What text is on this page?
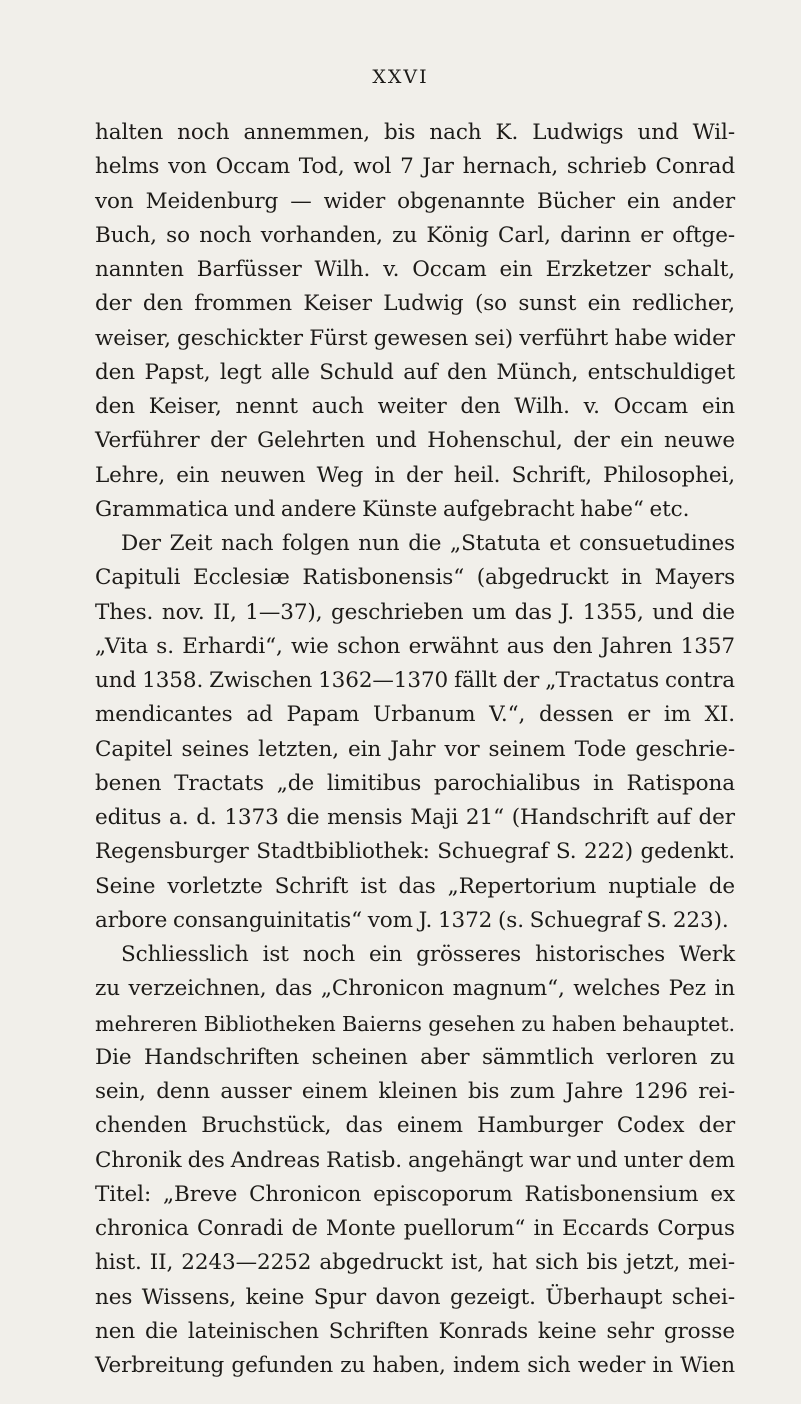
XXVI
halten noch annemmen, bis nach K. Ludwigs und Wil-
helms von Occam Tod, wol 7 Jar hernach, schrieb Conrad
von Meidenburg — wider obgenannte Bücher ein ander
Buch, so noch vorhanden, zu König Carl, darinn er oftge-
nannten Barfüsser Wilh. v. Occam ein Erzketzer schalt,
der den frommen Keiser Ludwig (so sunst ein redlicher,
weiser, geschickter Fürst gewesen sei) verführt habe wider
den Papst, legt alle Schuld auf den Münch, entschuldiget
den Keiser, nennt auch weiter den Wilh. v. Occam ein
Verführer der Gelehrten und Hohenschul, der ein neuwe
Lehre, ein neuwen Weg in der heil. Schrift, Philosophei,
Grammatica und andere Künste aufgebracht habe“ etc.
Der Zeit nach folgen nun die „Statuta et consuetudines
Capituli Ecclesiæ Ratisbonensis“ (abgedruckt in Mayers
Thes. nov. II, 1—37), geschrieben um das J. 1355, und die
„Vita s. Erhardi“, wie schon erwähnt aus den Jahren 1357
und 1358. Zwischen 1362—1370 fällt der „Tractatus contra
mendicantes ad Papam Urbanum V.“, dessen er im XI.
Capitel seines letzten, ein Jahr vor seinem Tode geschrie-
benen Tractats „de limitibus parochialibus in Ratispona
editus a. d. 1373 die mensis Maji 21“ (Handschrift auf der
Regensburger Stadtbibliothek: Schuegraf S. 222) gedenkt.
Seine vorletzte Schrift ist das „Repertorium nuptiale de
arbore consanguinitatis“ vom J. 1372 (s. Schuegraf S. 223).
Schliesslich ist noch ein grösseres historisches Werk
zu verzeichnen, das „Chronicon magnum“, welches Pez in
mehreren Bibliotheken Baierns gesehen zu haben behauptet.
Die Handschriften scheinen aber sämmtlich verloren zu
sein, denn ausser einem kleinen bis zum Jahre 1296 rei-
chenden Bruchstück, das einem Hamburger Codex der
Chronik des Andreas Ratisb. angehängt war und unter dem
Titel: „Breve Chronicon episcoporum Ratisbonensium ex
chronica Conradi de Monte puellorum“ in Eccards Corpus
hist. II, 2243—2252 abgedruckt ist, hat sich bis jetzt, mei-
nes Wissens, keine Spur davon gezeigt. Überhaupt schei-
nen die lateinischen Schriften Konrads keine sehr grosse
Verbreitung gefunden zu haben, indem sich weder in Wien
